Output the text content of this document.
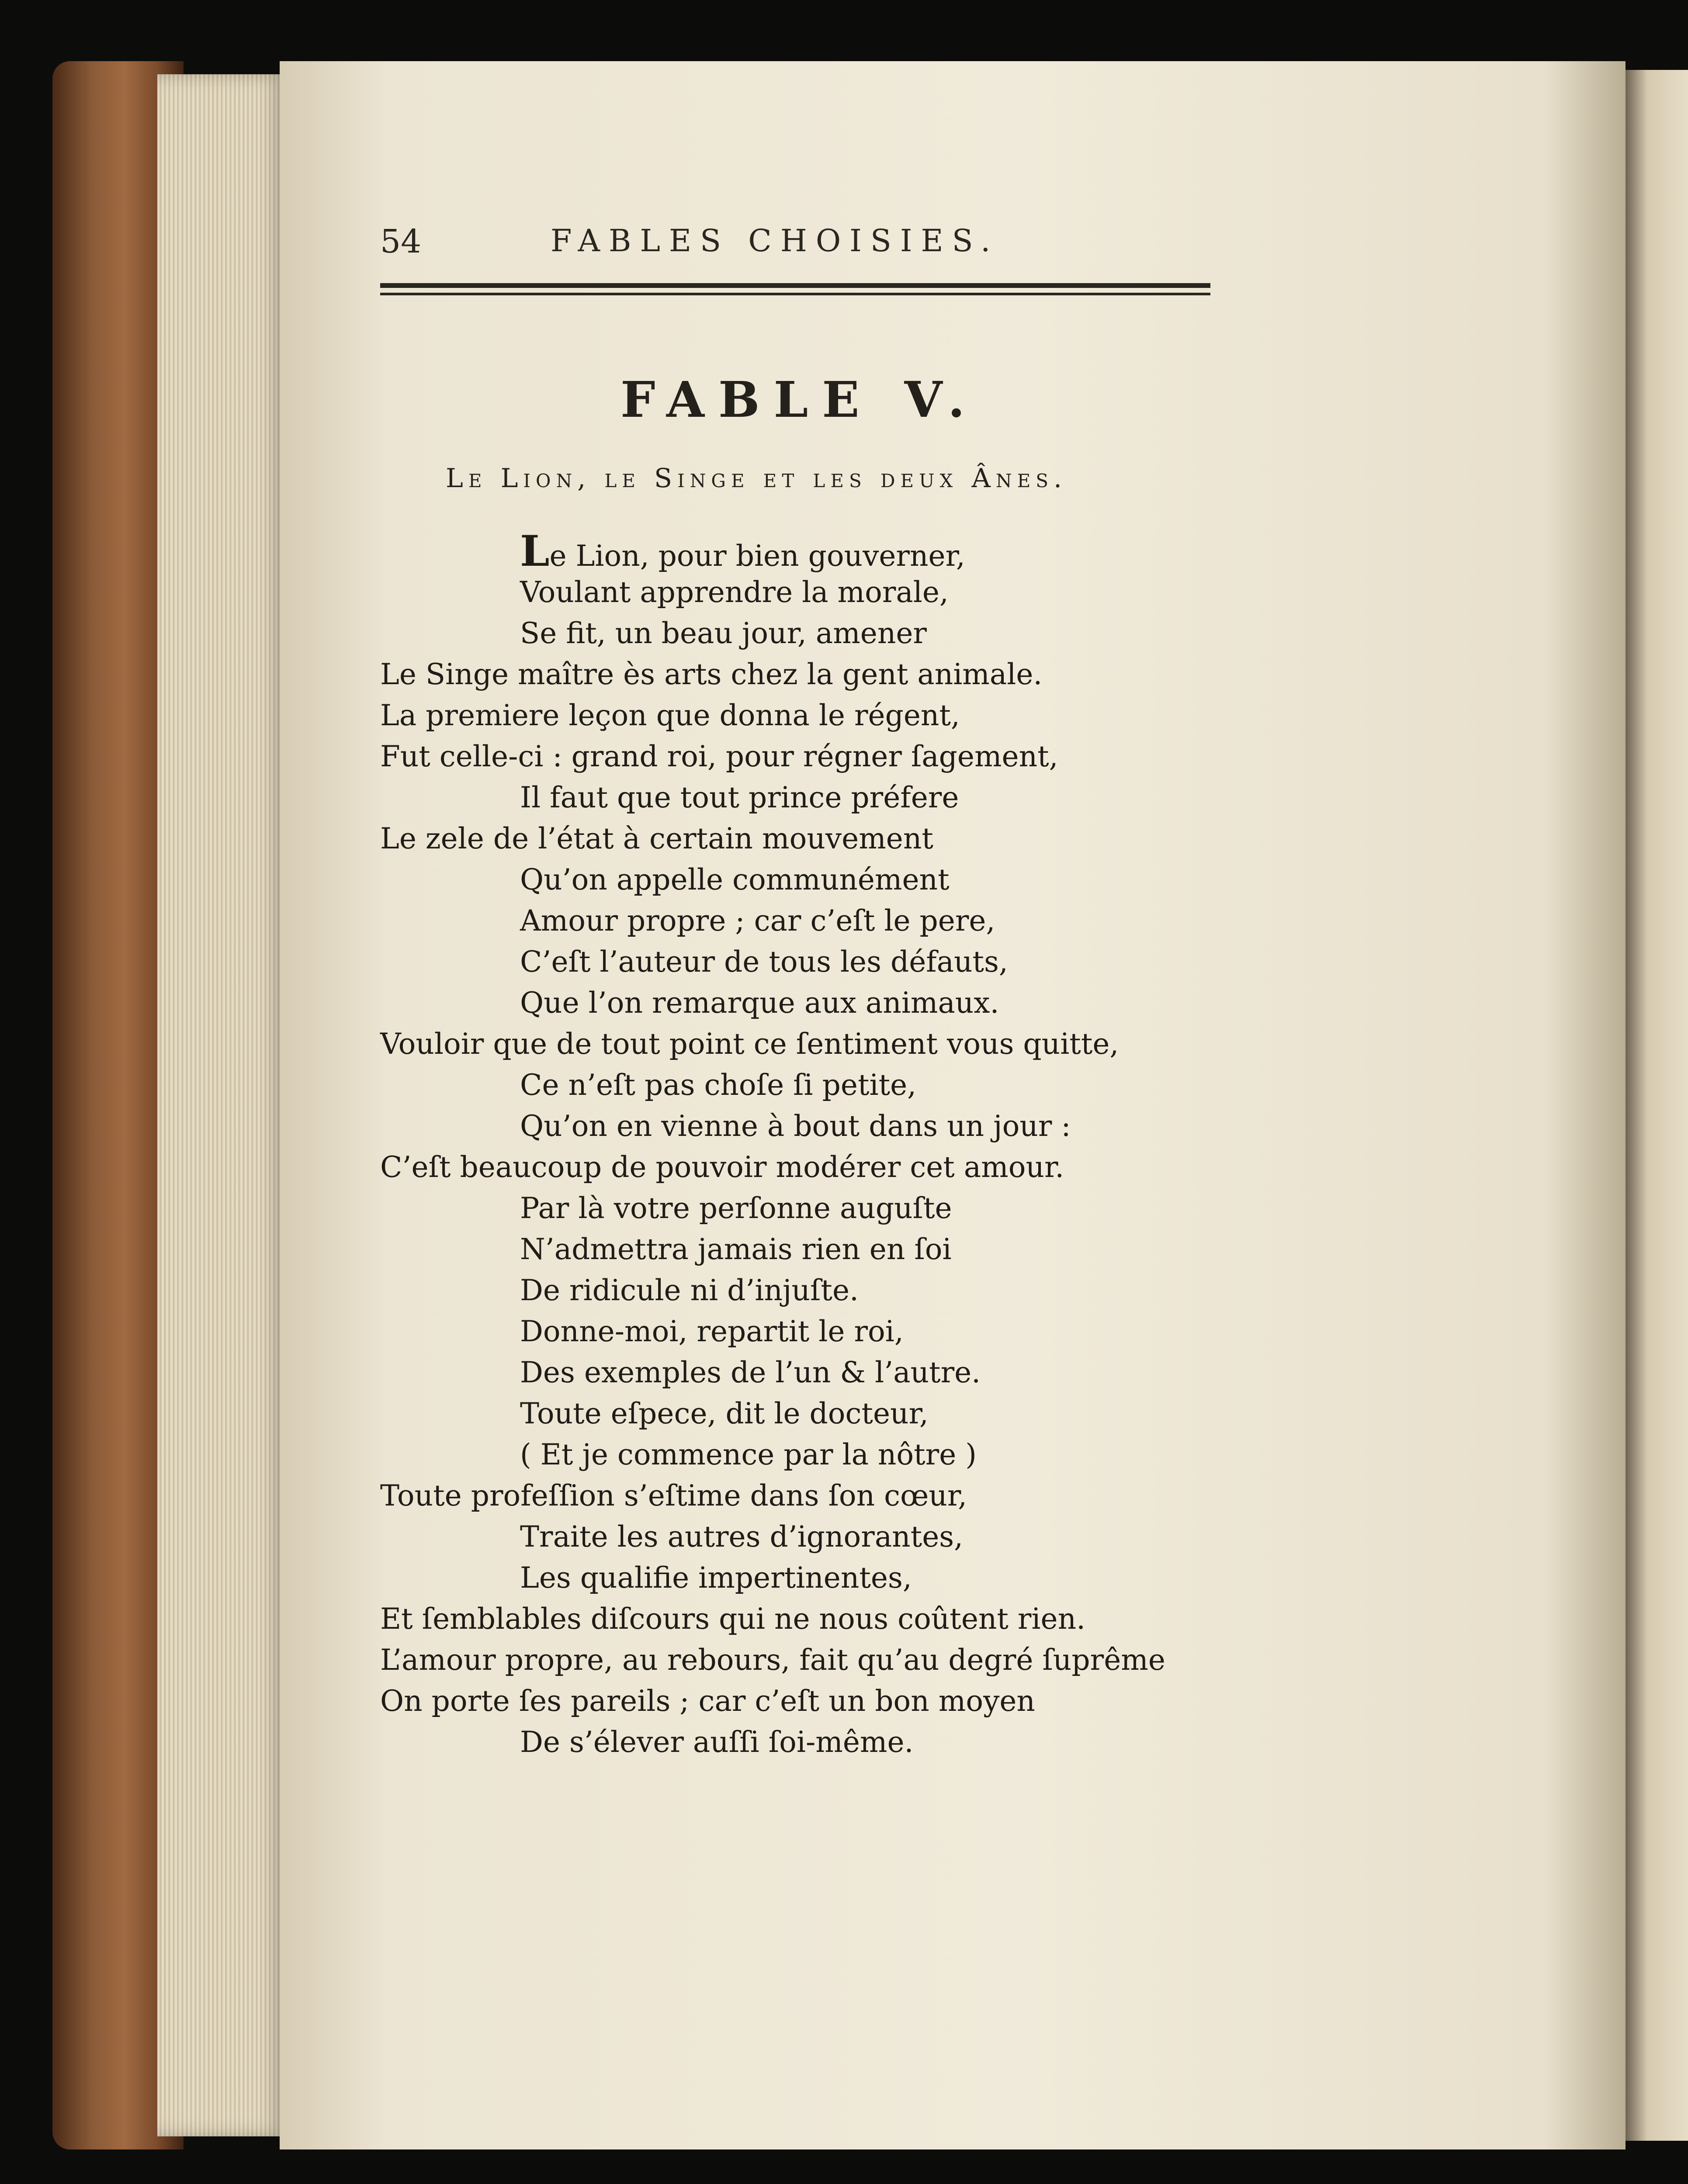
54	FABLES CHOISIES.
FABLE V.
Le Lion, le Singe et les deux Ânes.
Le Lion, pour bien gouverner,
Voulant apprendre la morale,
Se fit, un beau jour, amener
Le Singe maître ès arts chez la gent animale.
La premiere leçon que donna le régent,
Fut celle-ci : grand roi, pour régner ſagement,
Il faut que tout prince préfere
Le zele de l’état à certain mouvement
Qu’on appelle communément
Amour propre ; car c’eſt le pere,
C’eſt l’auteur de tous les défauts,
Que l’on remarque aux animaux.
Vouloir que de tout point ce ſentiment vous quitte,
Ce n’eſt pas choſe ſi petite,
Qu’on en vienne à bout dans un jour :
C’eſt beaucoup de pouvoir modérer cet amour.
Par là votre perſonne auguſte
N’admettra jamais rien en ſoi
De ridicule ni d’injuſte.
Donne-moi, repartit le roi,
Des exemples de l’un & l’autre.
Toute eſpece, dit le docteur,
( Et je commence par la nôtre )
Toute profeſſion s’eſtime dans ſon cœur,
Traite les autres d’ignorantes,
Les qualifie impertinentes,
Et ſemblables diſcours qui ne nous coûtent rien.
L’amour propre, au rebours, fait qu’au degré ſuprême
On porte ſes pareils ; car c’eſt un bon moyen
De s’élever auſſi ſoi-même.
